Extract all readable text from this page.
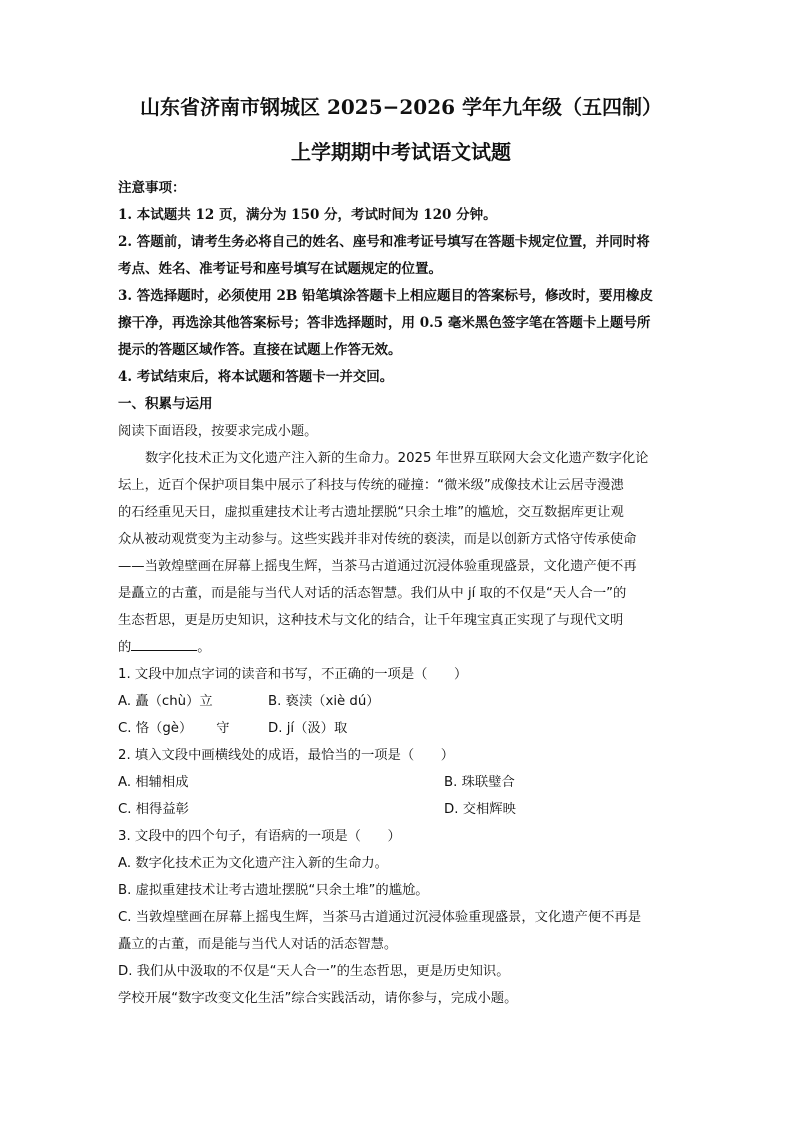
山东省济南市钢城区 2025−2026 学年九年级（五四制）

上学期期中考试语文试题

注意事项：

1. 本试题共 12 页，满分为 150 分，考试时间为 120 分钟。

2. 答题前，请考生务必将自己的姓名、座号和准考证号填写在答题卡规定位置，并同时将

考点、姓名、准考证号和座号填写在试题规定的位置。

3. 答选择题时，必须使用 2B 铅笔填涂答题卡上相应题目的答案标号，修改时，要用橡皮

擦干净，再选涂其他答案标号；答非选择题时，用 0.5 毫米黑色签字笔在答题卡上题号所

提示的答题区域作答。直接在试题上作答无效。

4. 考试结束后，将本试题和答题卡一并交回。

一、积累与运用

阅读下面语段，按要求完成小题。

数字化技术正为文化遗产注入新的生命力。2025 年世界互联网大会文化遗产数字化论

坛上，近百个保护项目集中展示了科技与传统的碰撞：“微米级”成像技术让云居寺漫漶

的石经重见天日，虚拟重建技术让考古遗址摆脱“只余土堆”的尴尬，交互数据库更让观

众从被动观赏变为主动参与。这些实践并非对传统的亵渎，而是以创新方式恪守传承使命

——当敦煌壁画在屏幕上摇曳生辉，当茶马古道通过沉浸体验重现盛景，文化遗产便不再

是矗立的古董，而是能与当代人对话的活态智慧。我们从中 jí 取的不仅是“天人合一”的

生态哲思，更是历史知识，这种技术与文化的结合，让千年瑰宝真正实现了与现代文明

的	。

1. 文段中加点字词的读音和书写，不正确的一项是（　　）

A. 矗（chù）立	B. 亵渎（xiè dú）

C. 恪（gè） 守	D. jí（汲）取

2. 填入文段中画横线处的成语，最恰当的一项是（　　）

A. 相辅相成	B. 珠联璧合

C. 相得益彰	D. 交相辉映

3. 文段中的四个句子，有语病的一项是（　　）

A. 数字化技术正为文化遗产注入新的生命力。

B. 虚拟重建技术让考古遗址摆脱“只余土堆”的尴尬。

C. 当敦煌壁画在屏幕上摇曳生辉，当茶马古道通过沉浸体验重现盛景，文化遗产便不再是

矗立的古董，而是能与当代人对话的活态智慧。

D. 我们从中汲取的不仅是“天人合一”的生态哲思，更是历史知识。

学校开展“数字改变文化生活”综合实践活动，请你参与，完成小题。
